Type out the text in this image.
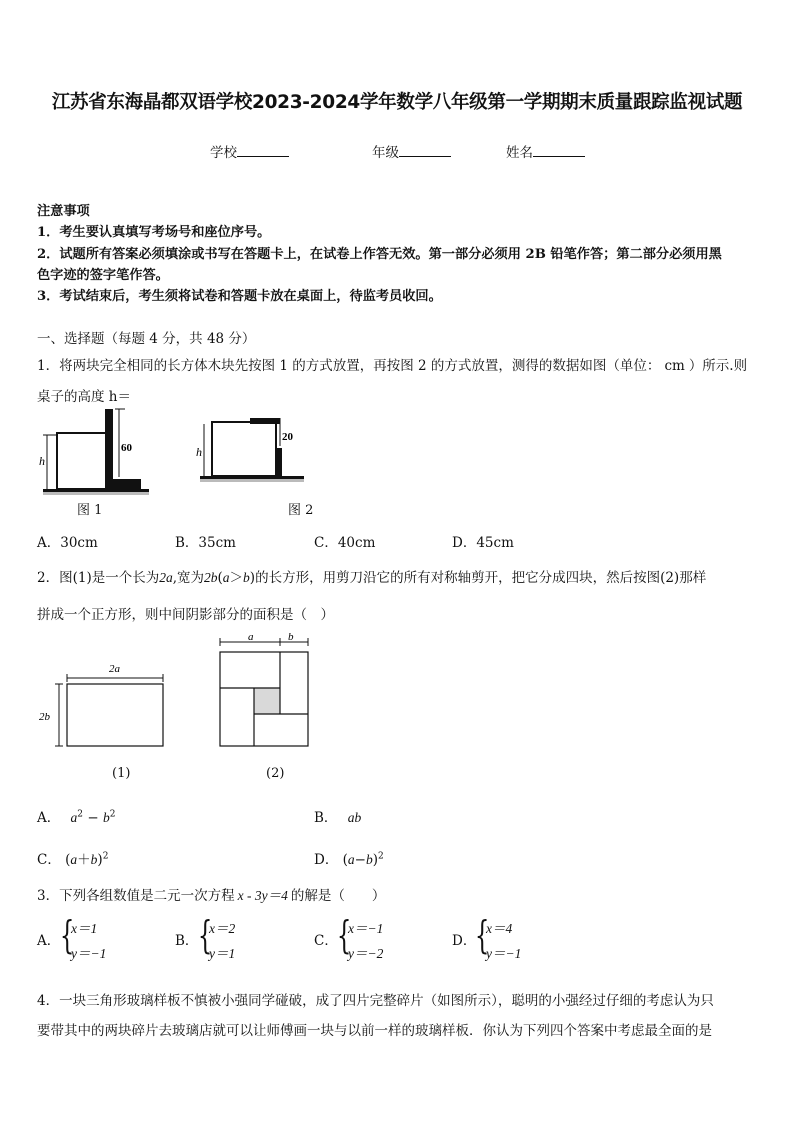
江苏省东海晶都双语学校2023-2024学年数学八年级第一学期期末质量跟踪监视试题
学校	年级	姓名
注意事项
1．考生要认真填写考场号和座位序号。
2．试题所有答案必须填涂或书写在答题卡上，在试卷上作答无效。第一部分必须用 2B 铅笔作答；第二部分必须用黑
色字迹的签字笔作答。
3．考试结束后，考生须将试卷和答题卡放在桌面上，待监考员收回。
一、选择题（每题 4 分，共 48 分）
1．将两块完全相同的长方体木块先按图 1 的方式放置，再按图 2 的方式放置，测得的数据如图（单位： cm ）所示.则
桌子的高度 h＝
h
60
图 1
h
20
图 2
A．30cm	B．35cm	C．40cm	D．45cm
2．图(1)是一个长为2a,宽为2b(a＞b)的长方形，用剪刀沿它的所有对称轴剪开，把它分成四块，然后按图(2)那样
拼成一个正方形，则中间阴影部分的面积是（　）
2a
2b
(1)
a	b
(2)
A． $a^2 - b^2$	B． ab
C． $(a+b)^2$	D． $(a-b)^2$
3．下列各组数值是二元一次方程 x - 3y＝4 的解是（　　）
A． {
x＝1
y＝−1
B． {
x＝2
y＝1
C．
{
x＝−1
y＝−2
D．
{
x＝4
y＝−1
4．一块三角形玻璃样板不慎被小强同学碰破，成了四片完整碎片（如图所示），聪明的小强经过仔细的考虑认为只
要带其中的两块碎片去玻璃店就可以让师傅画一块与以前一样的玻璃样板．你认为下列四个答案中考虑最全面的是
